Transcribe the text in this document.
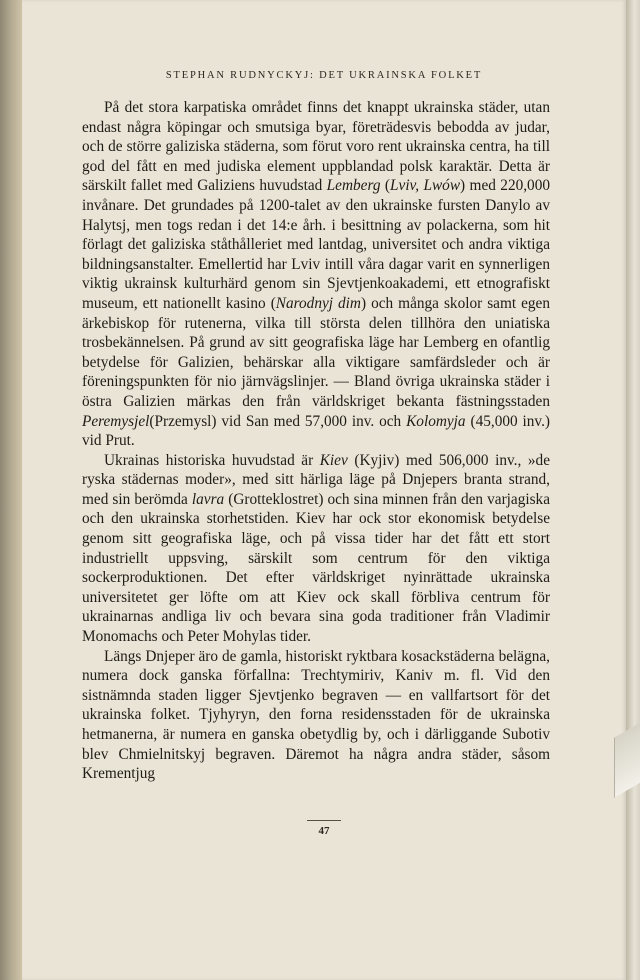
STEPHAN RUDNYCKYJ: DET UKRAINSKA FOLKET

På det stora karpatiska området finns det knappt ukrainska städer, utan endast några köpingar och smutsiga byar, företrädesvis bebodda av judar, och de större galiziska städerna, som förut voro rent ukrainska centra, ha till god del fått en med judiska element uppblandad polsk karaktär. Detta är särskilt fallet med Galiziens huvudstad Lemberg (Lviv, Lwów) med 220,000 invånare. Det grundades på 1200-talet av den ukrainske fursten Danylo av Halytsj, men togs redan i det 14:e årh. i besittning av polackerna, som hit förlagt det galiziska ståthålleriet med lantdag, universitet och andra viktiga bildningsanstalter. Emellertid har Lviv intill våra dagar varit en synnerligen viktig ukrainsk kulturhärd genom sin Sjevtjenkoakademi, ett etnografiskt museum, ett nationellt kasino (Narodnyj dim) och många skolor samt egen ärkebiskop för rutenerna, vilka till största delen tillhöra den uniatiska trosbekännelsen. På grund av sitt geografiska läge har Lemberg en ofantlig betydelse för Galizien, behärskar alla viktigare samfärdsleder och är föreningspunkten för nio järnvägslinjer. — Bland övriga ukrainska städer i östra Galizien märkas den från världskriget bekanta fästningsstaden Peremysjel(Przemysl) vid San med 57,000 inv. och Kolomyja (45,000 inv.) vid Prut.

Ukrainas historiska huvudstad är Kiev (Kyjiv) med 506,000 inv., »de ryska städernas moder», med sitt härliga läge på Dnjepers branta strand, med sin berömda lavra (Grotteklostret) och sina minnen från den varjagiska och den ukrainska storhetstiden. Kiev har ock stor ekonomisk betydelse genom sitt geografiska läge, och på vissa tider har det fått ett stort industriellt uppsving, särskilt som centrum för den viktiga sockerproduktionen. Det efter världskriget nyinrättade ukrainska universitetet ger löfte om att Kiev ock skall förbliva centrum för ukrainarnas andliga liv och bevara sina goda traditioner från Vladimir Monomachs och Peter Mohylas tider.

Längs Dnjeper äro de gamla, historiskt ryktbara kosackstäderna belägna, numera dock ganska förfallna: Trechtymiriv, Kaniv m. fl. Vid den sistnämnda staden ligger Sjevtjenko begraven — en vallfartsort för det ukrainska folket. Tjyhyryn, den forna residensstaden för de ukrainska hetmanerna, är numera en ganska obetydlig by, och i därliggande Subotiv blev Chmielnitskyj begraven. Däremot ha några andra städer, såsom Krementjug

47
